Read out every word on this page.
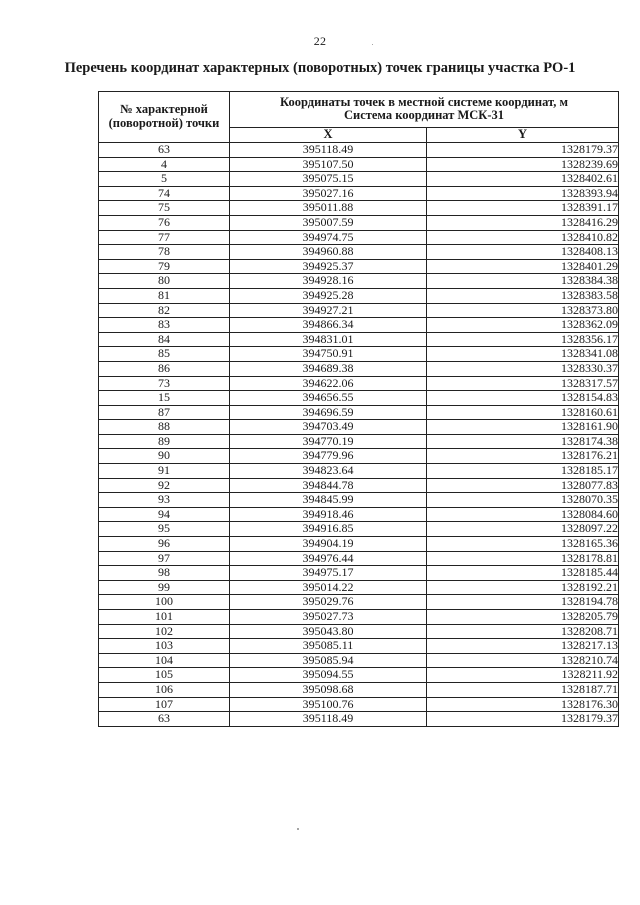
22
Перечень координат характерных (поворотных) точек границы участка РО-1
№ характерной (поворотной) точки	Координаты точек в местной системе координат, м
Система координат МСК-31	

	X	Y
63	395118.49	1328179.37
4	395107.50	1328239.69
5	395075.15	1328402.61
74	395027.16	1328393.94
75	395011.88	1328391.17
76	395007.59	1328416.29
77	394974.75	1328410.82
78	394960.88	1328408.13
79	394925.37	1328401.29
80	394928.16	1328384.38
81	394925.28	1328383.58
82	394927.21	1328373.80
83	394866.34	1328362.09
84	394831.01	1328356.17
85	394750.91	1328341.08
86	394689.38	1328330.37
73	394622.06	1328317.57
15	394656.55	1328154.83
87	394696.59	1328160.61
88	394703.49	1328161.90
89	394770.19	1328174.38
90	394779.96	1328176.21
91	394823.64	1328185.17
92	394844.78	1328077.83
93	394845.99	1328070.35
94	394918.46	1328084.60
95	394916.85	1328097.22
96	394904.19	1328165.36
97	394976.44	1328178.81
98	394975.17	1328185.44
99	395014.22	1328192.21
100	395029.76	1328194.78
101	395027.73	1328205.79
102	395043.80	1328208.71
103	395085.11	1328217.13
104	395085.94	1328210.74
105	395094.55	1328211.92
106	395098.68	1328187.71
107	395100.76	1328176.30
63	395118.49	1328179.37
